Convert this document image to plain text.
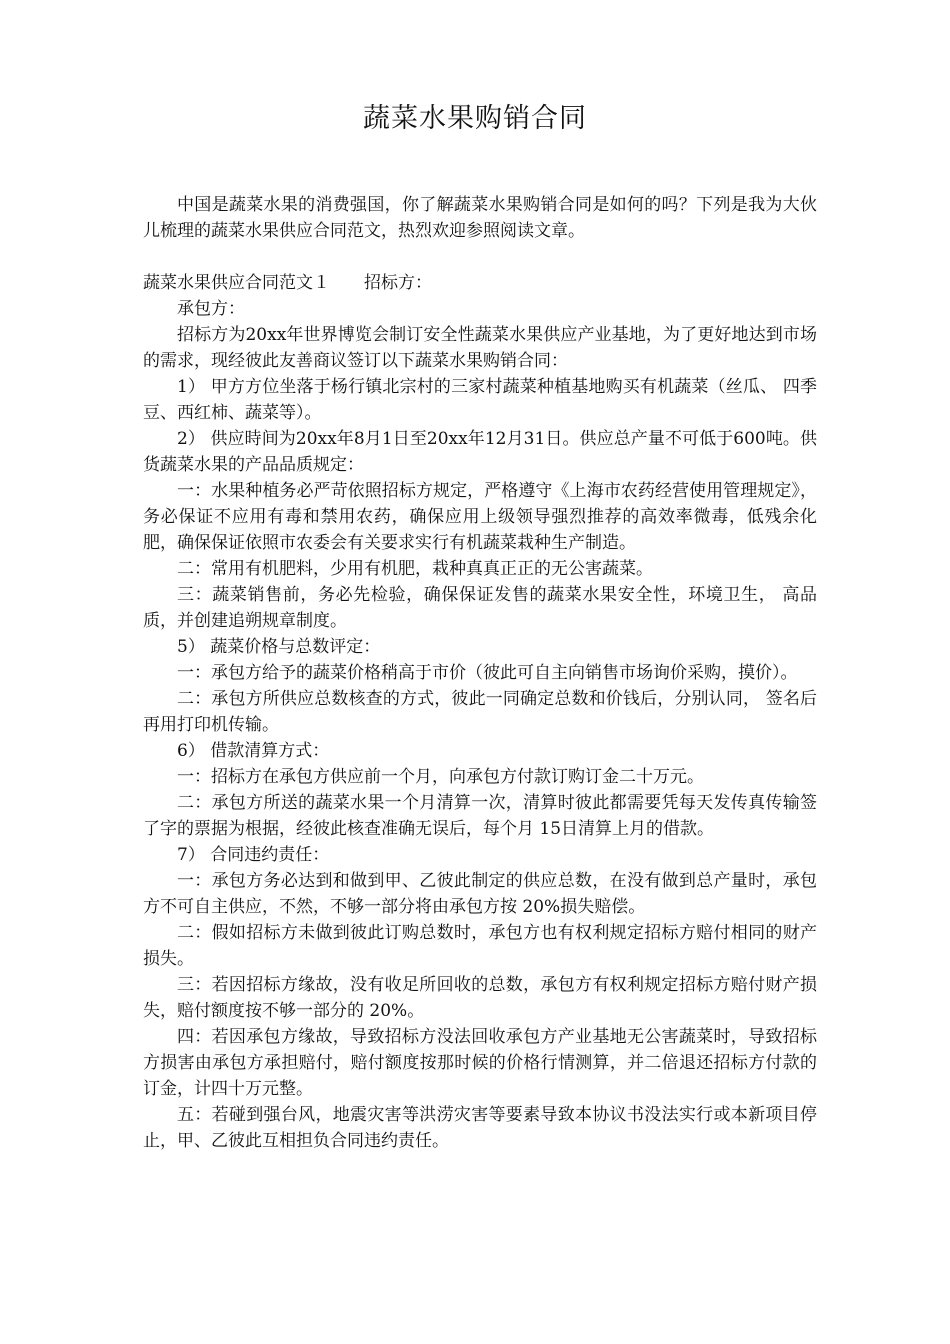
蔬菜水果购销合同

中国是蔬菜水果的消费强国，你了解蔬菜水果购销合同是如何的吗？下列是我为大伙儿梳理的蔬菜水果供应合同范文，热烈欢迎参照阅读文章。

蔬菜水果供应合同范文１ 招标方：

承包方：

招标方为20xx年世界博览会制订安全性蔬菜水果供应产业基地，为了更好地达到市场的需求，现经彼此友善商议签订以下蔬菜水果购销合同：

1） 甲方方位坐落于杨行镇北宗村的三家村蔬菜种植基地购买有机蔬菜（丝瓜、 四季豆、西红柿、蔬菜等）。

2） 供应時间为20xx年8月1日至20xx年12月31日。供应总产量不可低于600吨。供货蔬菜水果的产品品质规定：

一：水果种植务必严苛依照招标方规定，严格遵守《上海市农药经营使用管理规定》，务必保证不应用有毒和禁用农药，确保应用上级领导强烈推荐的高效率微毒，低残余化肥，确保保证依照市农委会有关要求实行有机蔬菜栽种生产制造。

二：常用有机肥料，少用有机肥，栽种真真正正的无公害蔬菜。

三：蔬菜销售前，务必先检验，确保保证发售的蔬菜水果安全性，环境卫生， 高品质，并创建追朔规章制度。

5） 蔬菜价格与总数评定：

一：承包方给予的蔬菜价格稍高于市价（彼此可自主向销售市场询价采购，摸价）。

二：承包方所供应总数核查的方式，彼此一同确定总数和价钱后，分别认同， 签名后再用打印机传输。

6） 借款清算方式：

一：招标方在承包方供应前一个月，向承包方付款订购订金二十万元。

二：承包方所送的蔬菜水果一个月清算一次，清算时彼此都需要凭每天发传真传输签了字的票据为根据，经彼此核查准确无误后，每个月 15日清算上月的借款。

7） 合同违约责任：

一：承包方务必达到和做到甲、乙彼此制定的供应总数，在没有做到总产量时，承包方不可自主供应，不然，不够一部分将由承包方按 20%损失赔偿。

二：假如招标方未做到彼此订购总数时，承包方也有权利规定招标方赔付相同的财产损失。

三：若因招标方缘故，没有收足所回收的总数，承包方有权利规定招标方赔付财产损失，赔付额度按不够一部分的 20%。

四：若因承包方缘故，导致招标方没法回收承包方产业基地无公害蔬菜时，导致招标方损害由承包方承担赔付，赔付额度按那时候的价格行情测算，并二倍退还招标方付款的订金，计四十万元整。

五：若碰到强台风，地震灾害等洪涝灾害等要素导致本协议书没法实行或本新项目停止，甲、乙彼此互相担负合同违约责任。
